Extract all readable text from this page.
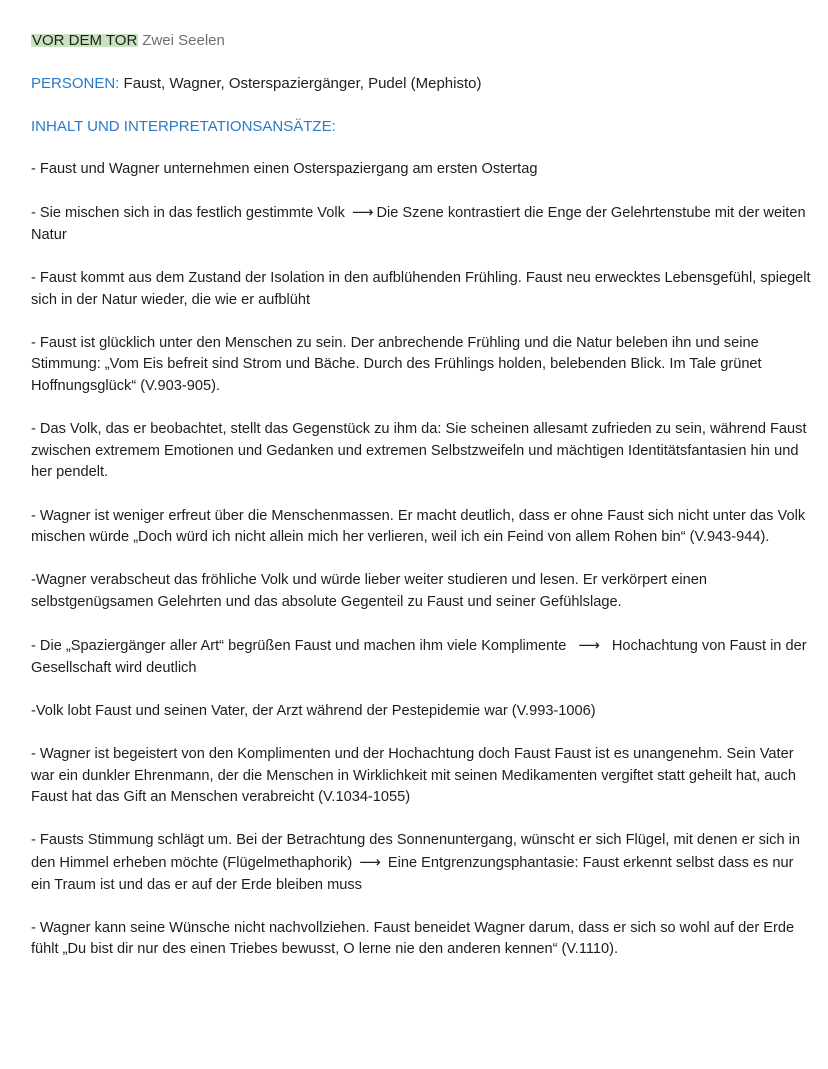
VOR DEM TOR Zwei Seelen
PERSONEN: Faust, Wagner, Osterspaziergänger, Pudel (Mephisto)
INHALT UND INTERPRETATIONSANSÄTZE:

- Faust und Wagner unternehmen einen Osterspaziergang am ersten Ostertag

- Sie mischen sich in das festlich gestimmte Volk ⟶ Die Szene kontrastiert die Enge der Gelehrtenstube mit der weiten Natur

- Faust kommt aus dem Zustand der Isolation in den aufblühenden Frühling. Faust neu erwecktes Lebensgefühl, spiegelt sich in der Natur wieder, die wie er aufblüht

- Faust ist glücklich unter den Menschen zu sein. Der anbrechende Frühling und die Natur beleben ihn und seine Stimmung: „Vom Eis befreit sind Strom und Bäche. Durch des Frühlings holden, belebenden Blick. Im Tale grünet Hoffnungsglück“ (V.903-905).

- Das Volk, das er beobachtet, stellt das Gegenstück zu ihm da: Sie scheinen allesamt zufrieden zu sein, während Faust zwischen extremem Emotionen und Gedanken und extremen Selbstzweifeln und mächtigen Identitätsfantasien hin und her pendelt.

- Wagner ist weniger erfreut über die Menschenmassen. Er macht deutlich, dass er ohne Faust sich nicht unter das Volk mischen würde „Doch würd ich nicht allein mich her verlieren, weil ich ein Feind von allem Rohen bin“ (V.943-944).

-Wagner verabscheut das fröhliche Volk und würde lieber weiter studieren und lesen. Er verkörpert einen selbstgenügsamen Gelehrten und das absolute Gegenteil zu Faust und seiner Gefühlslage.

- Die „Spaziergänger aller Art“ begrüßen Faust und machen ihm viele Komplimente ⟶ Hochachtung von Faust in der Gesellschaft wird deutlich

-Volk lobt Faust und seinen Vater, der Arzt während der Pestepidemie war (V.993-1006)

- Wagner ist begeistert von den Komplimenten und der Hochachtung doch Faust Faust ist es unangenehm. Sein Vater war ein dunkler Ehrenmann, der die Menschen in Wirklichkeit mit seinen Medikamenten vergiftet statt geheilt hat, auch Faust hat das Gift an Menschen verabreicht (V.1034-1055)

- Fausts Stimmung schlägt um. Bei der Betrachtung des Sonnenuntergang, wünscht er sich Flügel, mit denen er sich in den Himmel erheben möchte (Flügelmethaphorik) ⟶ Eine Entgrenzungsphantasie: Faust erkennt selbst dass es nur ein Traum ist und das er auf der Erde bleiben muss

- Wagner kann seine Wünsche nicht nachvollziehen. Faust beneidet Wagner darum, dass er sich so wohl auf der Erde fühlt „Du bist dir nur des einen Triebes bewusst, O lerne nie den anderen kennen“ (V.1110).
